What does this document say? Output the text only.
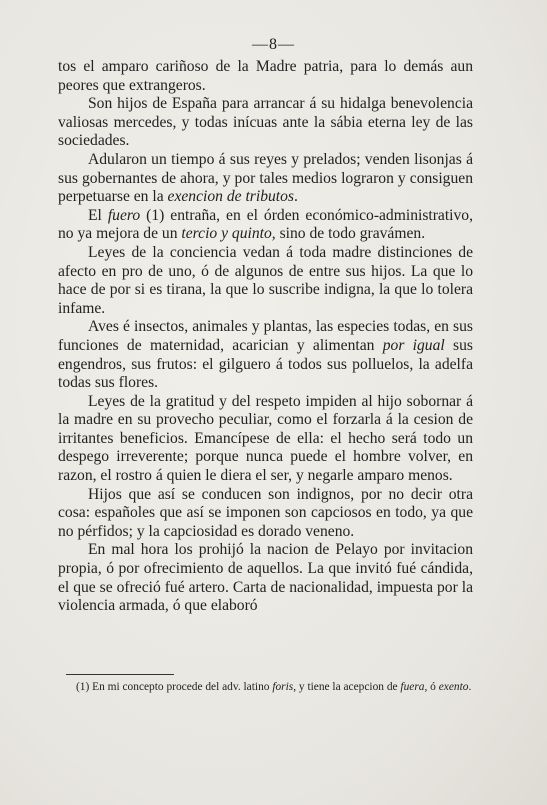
—8—

tos el amparo cariñoso de la Madre patria, para lo demás aun peores que extrangeros.

Son hijos de España para arrancar á su hidalga benevolencia valiosas mercedes, y todas inícuas ante la sábia eterna ley de las sociedades.

Adularon un tiempo á sus reyes y prelados; venden lisonjas á sus gobernantes de ahora, y por tales medios lograron y consiguen perpetuarse en la exencion de tributos.

El fuero (1) entraña, en el órden económico-administrativo, no ya mejora de un tercio y quinto, sino de todo gravámen.

Leyes de la conciencia vedan á toda madre distinciones de afecto en pro de uno, ó de algunos de entre sus hijos. La que lo hace de por si es tirana, la que lo suscribe indigna, la que lo tolera infame.

Aves é insectos, animales y plantas, las especies todas, en sus funciones de maternidad, acarician y alimentan por igual sus engendros, sus frutos: el gilguero á todos sus polluelos, la adelfa todas sus flores.

Leyes de la gratitud y del respeto impiden al hijo sobornar á la madre en su provecho peculiar, como el forzarla á la cesion de irritantes beneficios. Emancípese de ella: el hecho será todo un despego irreverente; porque nunca puede el hombre volver, en razon, el rostro á quien le diera el ser, y negarle amparo menos.

Hijos que así se conducen son indignos, por no decir otra cosa: españoles que así se imponen son capciosos en todo, ya que no pérfidos; y la capciosidad es dorado veneno.

En mal hora los prohijó la nacion de Pelayo por invitacion propia, ó por ofrecimiento de aquellos. La que invitó fué cándida, el que se ofreció fué artero. Carta de nacionalidad, impuesta por la violencia armada, ó que elaboró

(1) En mi concepto procede del adv. latino foris, y tiene la acepcion de fuera, ó exento.
